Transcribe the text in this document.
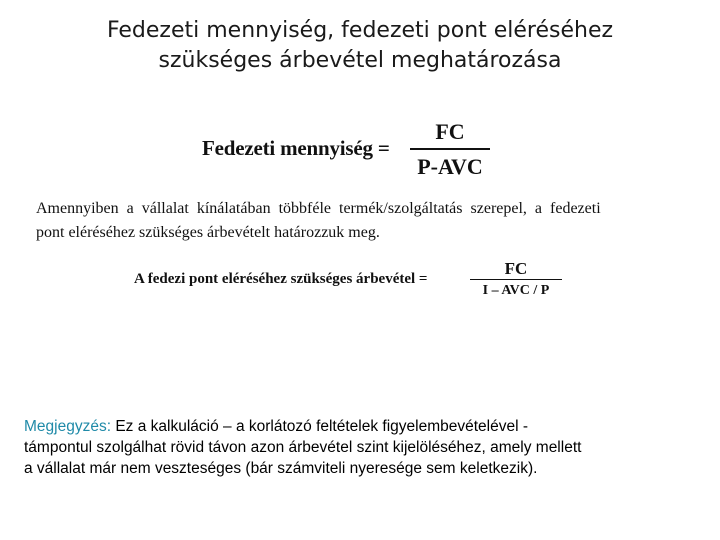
Fedezeti mennyiség, fedezeti pont eléréséhez
szükséges árbevétel meghatározása
Fedezeti mennyiség =
FC
P-AVC
Amennyiben a vállalat kínálatában többféle termék/szolgáltatás szerepel, a fedezeti
pont eléréséhez szükséges árbevételt határozzuk meg.
A fedezi pont eléréséhez szükséges árbevétel =
FC
I – AVC / P
Megjegyzés: Ez a kalkuláció – a korlátozó feltételek figyelembevételével -
támpontul szolgálhat rövid távon azon árbevétel szint kijelöléséhez, amely mellett
a vállalat már nem veszteséges (bár számviteli nyeresége sem keletkezik).
